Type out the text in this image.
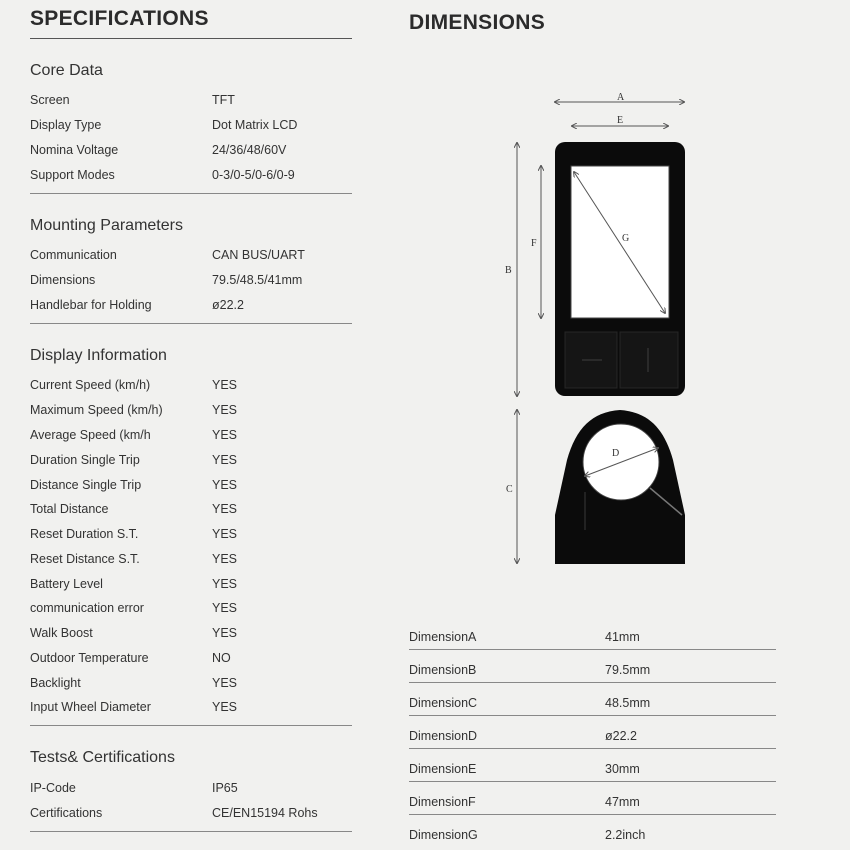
SPECIFICATIONS
Core Data
Screen	TFT
Display Type	Dot Matrix LCD
Nomina Voltage	24/36/48/60V
Support Modes	0-3/0-5/0-6/0-9
Mounting Parameters
Communication	CAN BUS/UART
Dimensions	79.5/48.5/41mm
Handlebar for Holding	ø22.2
Display Information
Current Speed (km/h)	YES
Maximum Speed (km/h)	YES
Average Speed (km/h	YES
Duration Single Trip	YES
Distance Single Trip	YES
Total Distance	YES
Reset Duration S.T.	YES
Reset Distance S.T.	YES
Battery Level	YES
communication error	YES
Walk Boost	YES
Outdoor Temperature	NO
Backlight	YES
Input Wheel Diameter	YES
Tests& Certifications
IP-Code	IP65
Certifications	CE/EN15194 Rohs
DIMENSIONS
A
E
B
F	G
C
D
DimensionA	41mm
DimensionB	79.5mm
DimensionC	48.5mm
DimensionD	ø22.2
DimensionE	30mm
DimensionF	47mm
DimensionG	2.2inch
